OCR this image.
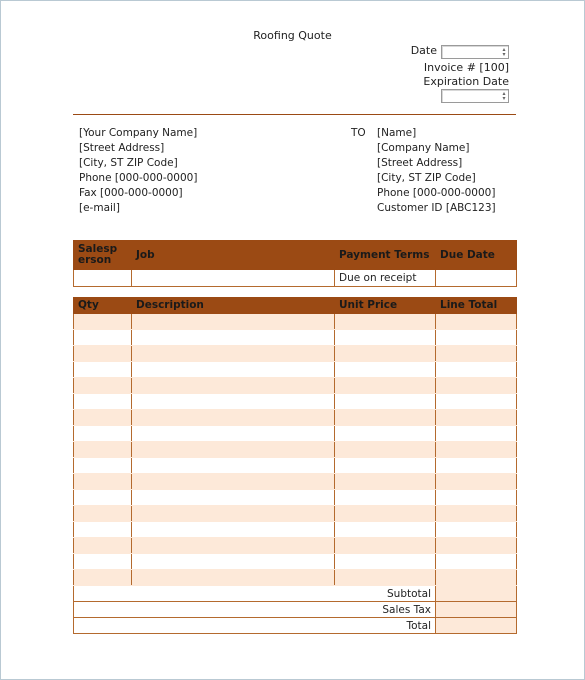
Roofing Quote
Date	▴
▾
Invoice # [100]
Expiration Date
▴
▾
[Your Company Name]
[Street Address]
[City, ST ZIP Code]
Phone [000-000-0000]
Fax [000-000-0000]
[e-mail]
TO [Name]
[Company Name]
[Street Address]
[City, ST ZIP Code]
Phone [000-000-0000]
Customer ID [ABC123]
Salesperson	Job	Payment Terms	Due Date
		Due on receipt	
Qty	Description	Unit Price	Line Total

Subtotal			
Sales Tax			
Total			
